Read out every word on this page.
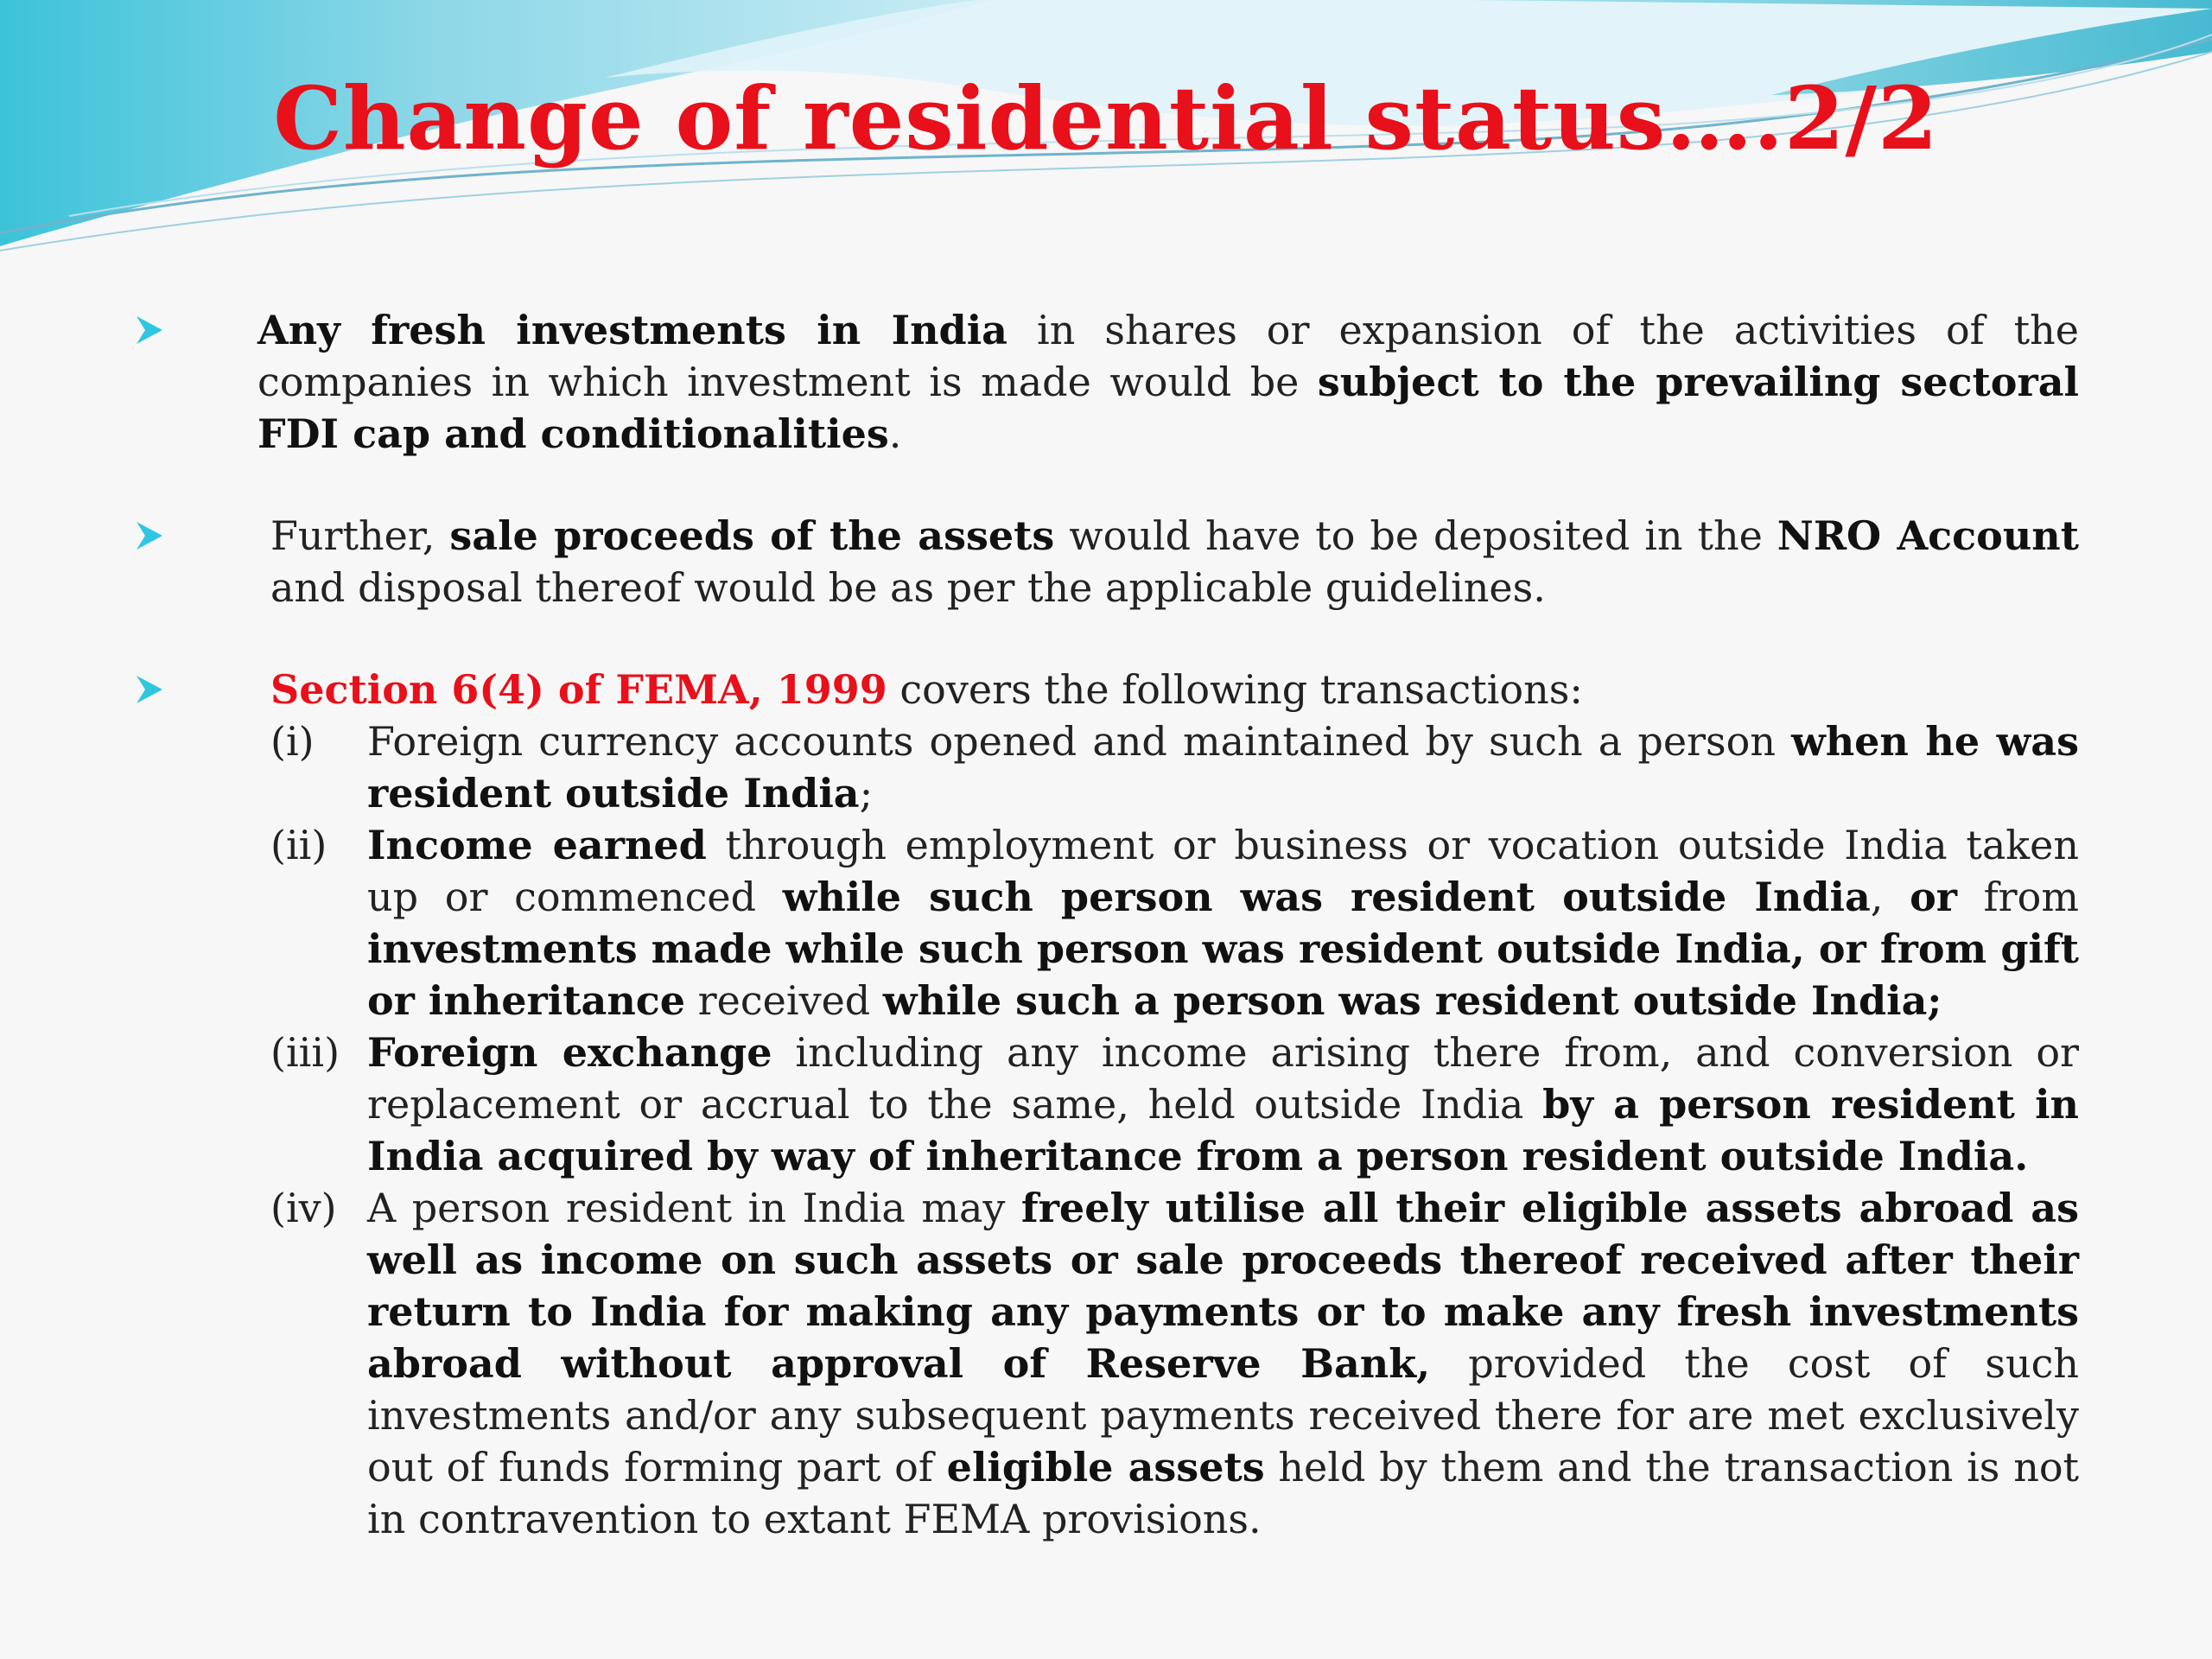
Change of residential status….2/2
Any fresh investments in India in shares or expansion of the activities of the companies in which investment is made would be subject to the prevailing sectoral FDI cap and conditionalities.
Further, sale proceeds of the assets would have to be deposited in the NRO Account and disposal thereof would be as per the applicable guidelines.
Section 6(4) of FEMA, 1999 covers the following transactions:
(i) Foreign currency accounts opened and maintained by such a person when he was resident outside India;
(ii) Income earned through employment or business or vocation outside India taken up or commenced while such person was resident outside India, or from investments made while such person was resident outside India, or from gift or inheritance received while such a person was resident outside India;
(iii) Foreign exchange including any income arising there from, and conversion or replacement or accrual to the same, held outside India by a person resident in India acquired by way of inheritance from a person resident outside India.
(iv) A person resident in India may freely utilise all their eligible assets abroad as well as income on such assets or sale proceeds thereof received after their return to India for making any payments or to make any fresh investments abroad without approval of Reserve Bank, provided the cost of such investments and/or any subsequent payments received there for are met exclusively out of funds forming part of eligible assets held by them and the transaction is not in contravention to extant FEMA provisions.
